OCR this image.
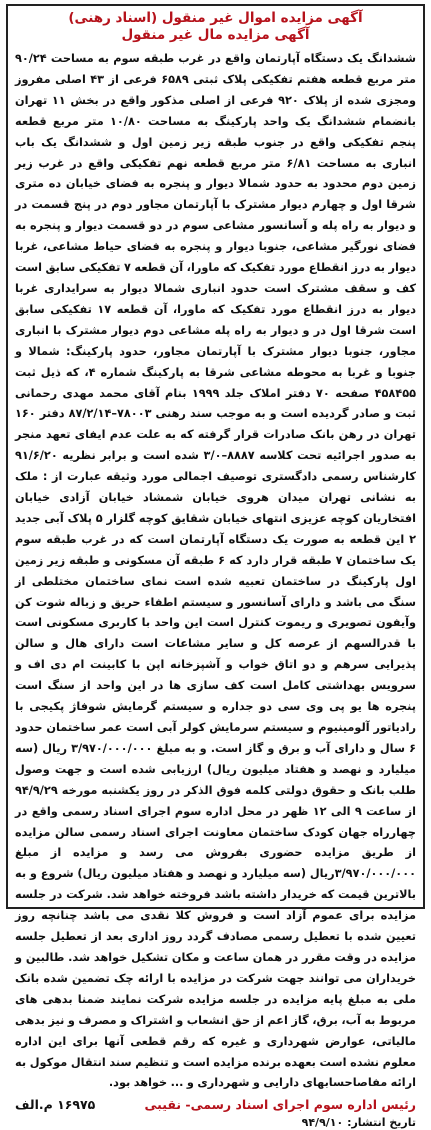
آگهی مزایده اموال غیر منقول (اسناد رهنی)

آگهی مزایده مال غیر منقول

ششدانگ یک دستگاه آپارتمان واقع در غرب طبقه سوم به مساحت ۹۰/۲۴ متر مربع قطعه هفتم تفکیکی پلاک ثبتی ۶۵۸۹ فرعی از ۴۳ اصلی مفروز ومجزی شده از پلاک ۹۲۰ فرعی از اصلی مذکور واقع در بخش ۱۱ تهران بانضمام ششدانگ یک واحد پارکینگ به مساحت ۱۰/۸۰ متر مربع قطعه پنجم تفکیکی واقع در جنوب طبقه زیر زمین اول و ششدانگ یک باب انباری به مساحت ۶/۸۱ متر مربع قطعه نهم تفکیکی واقع در غرب زیر زمین دوم محدود به حدود شمالا دیوار و پنجره به فضای خیابان ده متری شرقا اول و چهارم دیوار مشترک با آپارتمان مجاور دوم در پنج قسمت در و دیوار به راه پله و آسانسور مشاعی سوم در دو قسمت دیوار و پنجره به فضای نورگیر مشاعی، جنوبا دیوار و پنجره به فضای حیاط مشاعی، غربا دیوار به درز انقطاع مورد تفکیک که ماورا، آن قطعه ۷ تفکیکی سابق است کف و سقف مشترک است حدود انباری شمالا دیوار به سرایداری غربا دیوار به درز انقطاع مورد تفکیک که ماورا، آن قطعه ۱۷ تفکیکی سابق است شرقا اول در و دیوار به راه پله مشاعی دوم دیوار مشترک با انباری مجاور، جنوبا دیوار مشترک با آپارتمان مجاور، حدود پارکینگ: شمالا و جنوبا و غربا به محوطه مشاعی شرقا به پارکینگ شماره ۴، که ذیل ثبت ۴۵۸۴۵۵ صفحه ۷۰ دفتر املاک جلد ۱۹۹۹ بنام آقای محمد مهدی رحمانی ثبت و صادر گردیده است و به موجب سند رهنی ۷۸۰۰۳–۸۷/۲/۱۴ دفتر ۱۶۰ تهران در رهن بانک صادرات قرار گرفته که به علت عدم ایفای تعهد منجر به صدور اجرائیه تحت کلاسه ۸۸۸۷–۳/۰ شده است و برابر نظریه ۹۱/۶/۲۰ کارشناس رسمی دادگستری توصیف اجمالی مورد وثیقه عبارت از : ملک به نشانی تهران میدان هروی خیابان شمشاد خیابان آزادی خیابان افتخاریان کوچه عزیزی انتهای خیابان شقایق کوچه گلزار ۵ پلاک آبی جدید ۲ این قطعه به صورت یک دستگاه آپارتمان است که در غرب طبقه سوم یک ساختمان ۷ طبقه قرار دارد که ۶ طبقه آن مسکونی و طبقه زیر زمین اول پارکینگ در ساختمان تعبیه شده است نمای ساختمان مختلطی از سنگ می باشد و دارای آسانسور و سیستم اطفاء حریق و زباله شوت کن وآیفون تصویری و ریموت کنترل است این واحد با کاربری مسکونی است با قدرالسهم از عرصه کل و سایر مشاعات است دارای هال و سالن پذیرایی سرهم و دو اتاق خواب و آشپزخانه اپن با کابینت ام دی اف و سرویس بهداشتی کامل است کف سازی ها در این واحد از سنگ است پنجره ها یو پی وی سی دو جداره و سیستم گرمایش شوفاژ پکیجی با رادیاتور آلومینیوم و سیستم سرمایش کولر آبی است عمر ساختمان حدود ۶ سال و دارای آب و برق و گاز است. و به مبلغ ۳/۹۷۰/۰۰۰/۰۰۰ ریال (سه میلیارد و نهصد و هفتاد میلیون ریال) ارزیابی شده است و جهت وصول طلب بانک و حقوق دولتی کلمه فوق الذکر در روز یکشنبه مورخه ۹۴/۹/۲۹ از ساعت ۹ الی ۱۲ ظهر در محل اداره سوم اجرای اسناد رسمی واقع در چهارراه جهان کودک ساختمان معاونت اجرای اسناد رسمی سالن مزایده از طریق مزایده حضوری بفروش می رسد و مزایده از مبلغ ۳/۹۷۰/۰۰۰/۰۰۰ریال (سه میلیارد و نهصد و هفتاد میلیون ریال) شروع و به بالاترین قیمت که خریدار داشته باشد فروخته خواهد شد. شرکت در جلسه مزایده برای عموم آزاد است و فروش کلا نقدی می باشد چنانچه روز تعیین شده با تعطیل رسمی مصادف گردد روز اداری بعد از تعطیل جلسه مزایده در وقت مقرر در همان ساعت و مکان تشکیل خواهد شد. طالبین و خریداران می توانند جهت شرکت در مزایده با ارائه چک تضمین شده بانک ملی به مبلغ پایه مزایده در جلسه مزایده شرکت نمایند ضمنا بدهی های مربوط به آب، برق، گاز اعم از حق انشعاب و اشتراک و مصرف و نیز بدهی مالیاتی، عوارض شهرداری و غیره که رقم قطعی آنها برای این اداره معلوم نشده است بعهده برنده مزایده است و تنظیم سند انتقال موکول به ارائه مفاصاحسابهای دارایی و شهرداری و ... خواهد بود.
رئیس اداره سوم اجرای اسناد رسمی- نقیبی
۱۶۹۷۵ م.الف
تاریخ انتشار: ۹۴/۹/۱۰
